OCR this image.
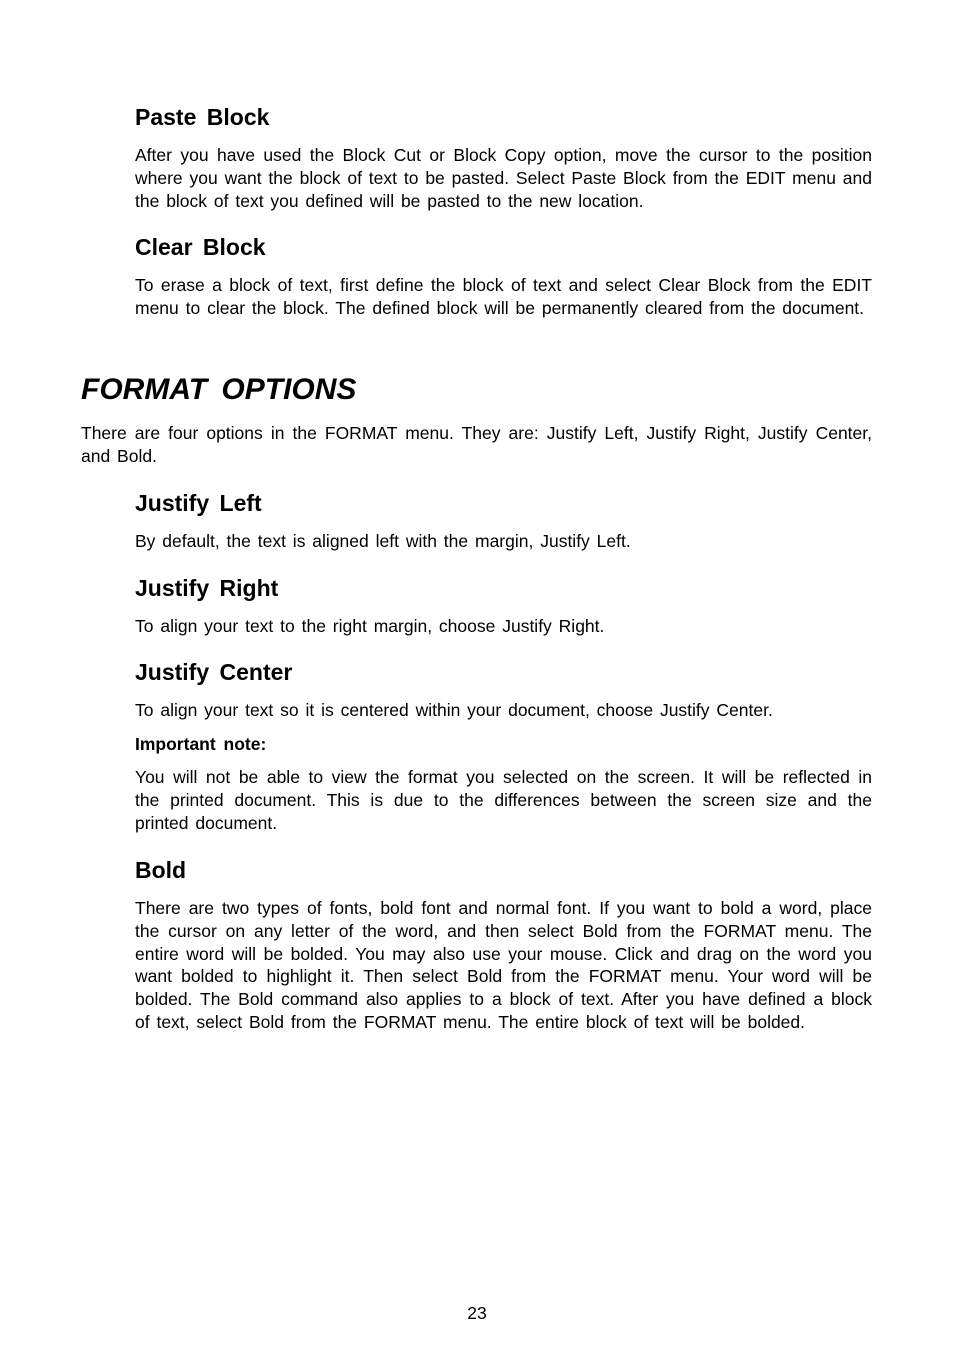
Paste Block

After you have used the Block Cut or Block Copy option, move the cursor to the position where you want the block of text to be pasted. Select Paste Block from the EDIT menu and the block of text you defined will be pasted to the new location.

Clear Block

To erase a block of text, first define the block of text and select Clear Block from the EDIT menu to clear the block. The defined block will be permanently cleared from the document.

FORMAT OPTIONS

There are four options in the FORMAT menu. They are: Justify Left, Justify Right, Justify Center, and Bold.

Justify Left

By default, the text is aligned left with the margin, Justify Left.

Justify Right

To align your text to the right margin, choose Justify Right.

Justify Center

To align your text so it is centered within your document, choose Justify Center.

Important note:

You will not be able to view the format you selected on the screen. It will be reflected in the printed document. This is due to the differences between the screen size and the printed document.

Bold

There are two types of fonts, bold font and normal font. If you want to bold a word, place the cursor on any letter of the word, and then select Bold from the FORMAT menu. The entire word will be bolded. You may also use your mouse. Click and drag on the word you want bolded to highlight it. Then select Bold from the FORMAT menu. Your word will be bolded. The Bold command also applies to a block of text. After you have defined a block of text, select Bold from the FORMAT menu. The entire block of text will be bolded.

23
